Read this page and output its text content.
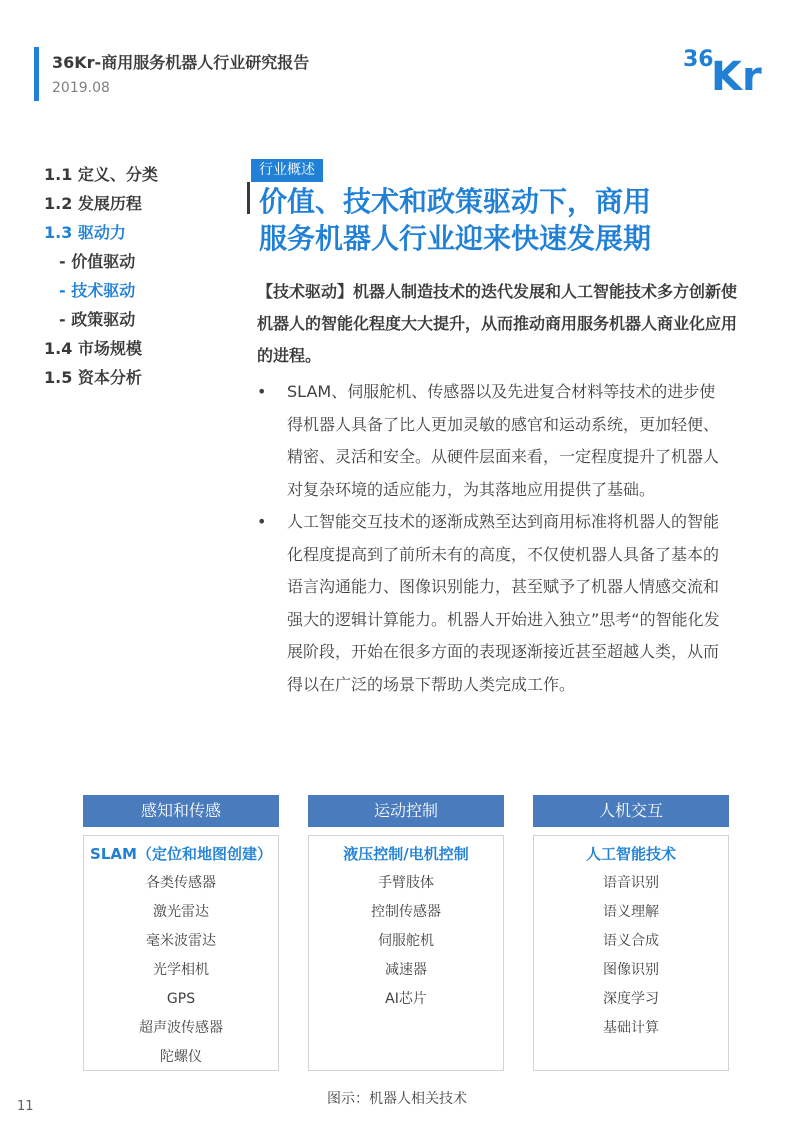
36Kr-商用服务机器人行业研究报告
2019.08
36
Kr
1.1 定义、分类
1.2 发展历程
1.3 驱动力
- 价值驱动
- 技术驱动
- 政策驱动
1.4 市场规模
1.5 资本分析
行业概述
价值、技术和政策驱动下，商用
服务机器人行业迎来快速发展期
【技术驱动】机器人制造技术的迭代发展和人工智能技术多方创新使机器人的智能化程度大大提升，从而推动商用服务机器人商业化应用的进程。
•	SLAM、伺服舵机、传感器以及先进复合材料等技术的进步使得机器人具备了比人更加灵敏的感官和运动系统，更加轻便、精密、灵活和安全。从硬件层面来看，一定程度提升了机器人对复杂环境的适应能力，为其落地应用提供了基础。
•	人工智能交互技术的逐渐成熟至达到商用标准将机器人的智能化程度提高到了前所未有的高度，不仅使机器人具备了基本的语言沟通能力、图像识别能力，甚至赋予了机器人情感交流和强大的逻辑计算能力。机器人开始进入独立”思考“的智能化发展阶段，开始在很多方面的表现逐渐接近甚至超越人类，从而得以在广泛的场景下帮助人类完成工作。
感知和传感
SLAM（定位和地图创建）
各类传感器
激光雷达
毫米波雷达
光学相机
GPS
超声波传感器
陀螺仪
运动控制
液压控制/电机控制
手臂肢体
控制传感器
伺服舵机
减速器
AI芯片
人机交互
人工智能技术
语音识别
语义理解
语义合成
图像识别
深度学习
基础计算
图示：机器人相关技术
11
